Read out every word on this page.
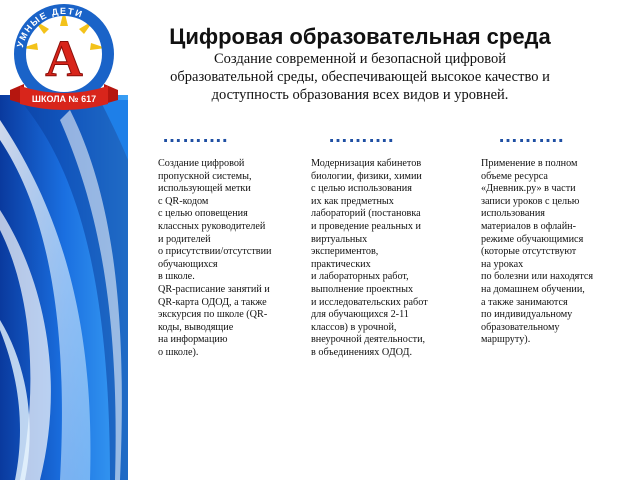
УМНЫЕ ДЕТИ
А
ШКОЛА № 617
Цифровая образовательная среда
Создание современной и безопасной цифровой
образовательной среды, обеспечивающей высокое качество и
доступность образования всех видов и уровней.
……….	……….	……….
Создание цифровой
пропускной системы,
использующей метки
с QR-кодом
с целью оповещения
классных руководителей
и родителей
о присутствии/отсутствии
обучающихся
в школе.
QR-расписание занятий и
QR-карта ОДОД, а также
экскурсия по школе (QR-
коды, выводящие
на информацию
о школе).
Модернизация кабинетов
биологии, физики, химии
с целью использования
их как предметных
лабораторий (постановка
и проведение реальных и
виртуальных
экспериментов,
практических
и лабораторных работ,
выполнение проектных
и исследовательских работ
для обучающихся 2-11
классов) в урочной,
внеурочной деятельности,
в объединениях ОДОД.
Применение в полном
объеме ресурса
«Дневник.ру» в части
записи уроков с целью
использования
материалов в офлайн-
режиме обучающимися
(которые отсутствуют
на уроках
по болезни или находятся
на домашнем обучении,
а также занимаются
по индивидуальному
образовательному
маршруту).
